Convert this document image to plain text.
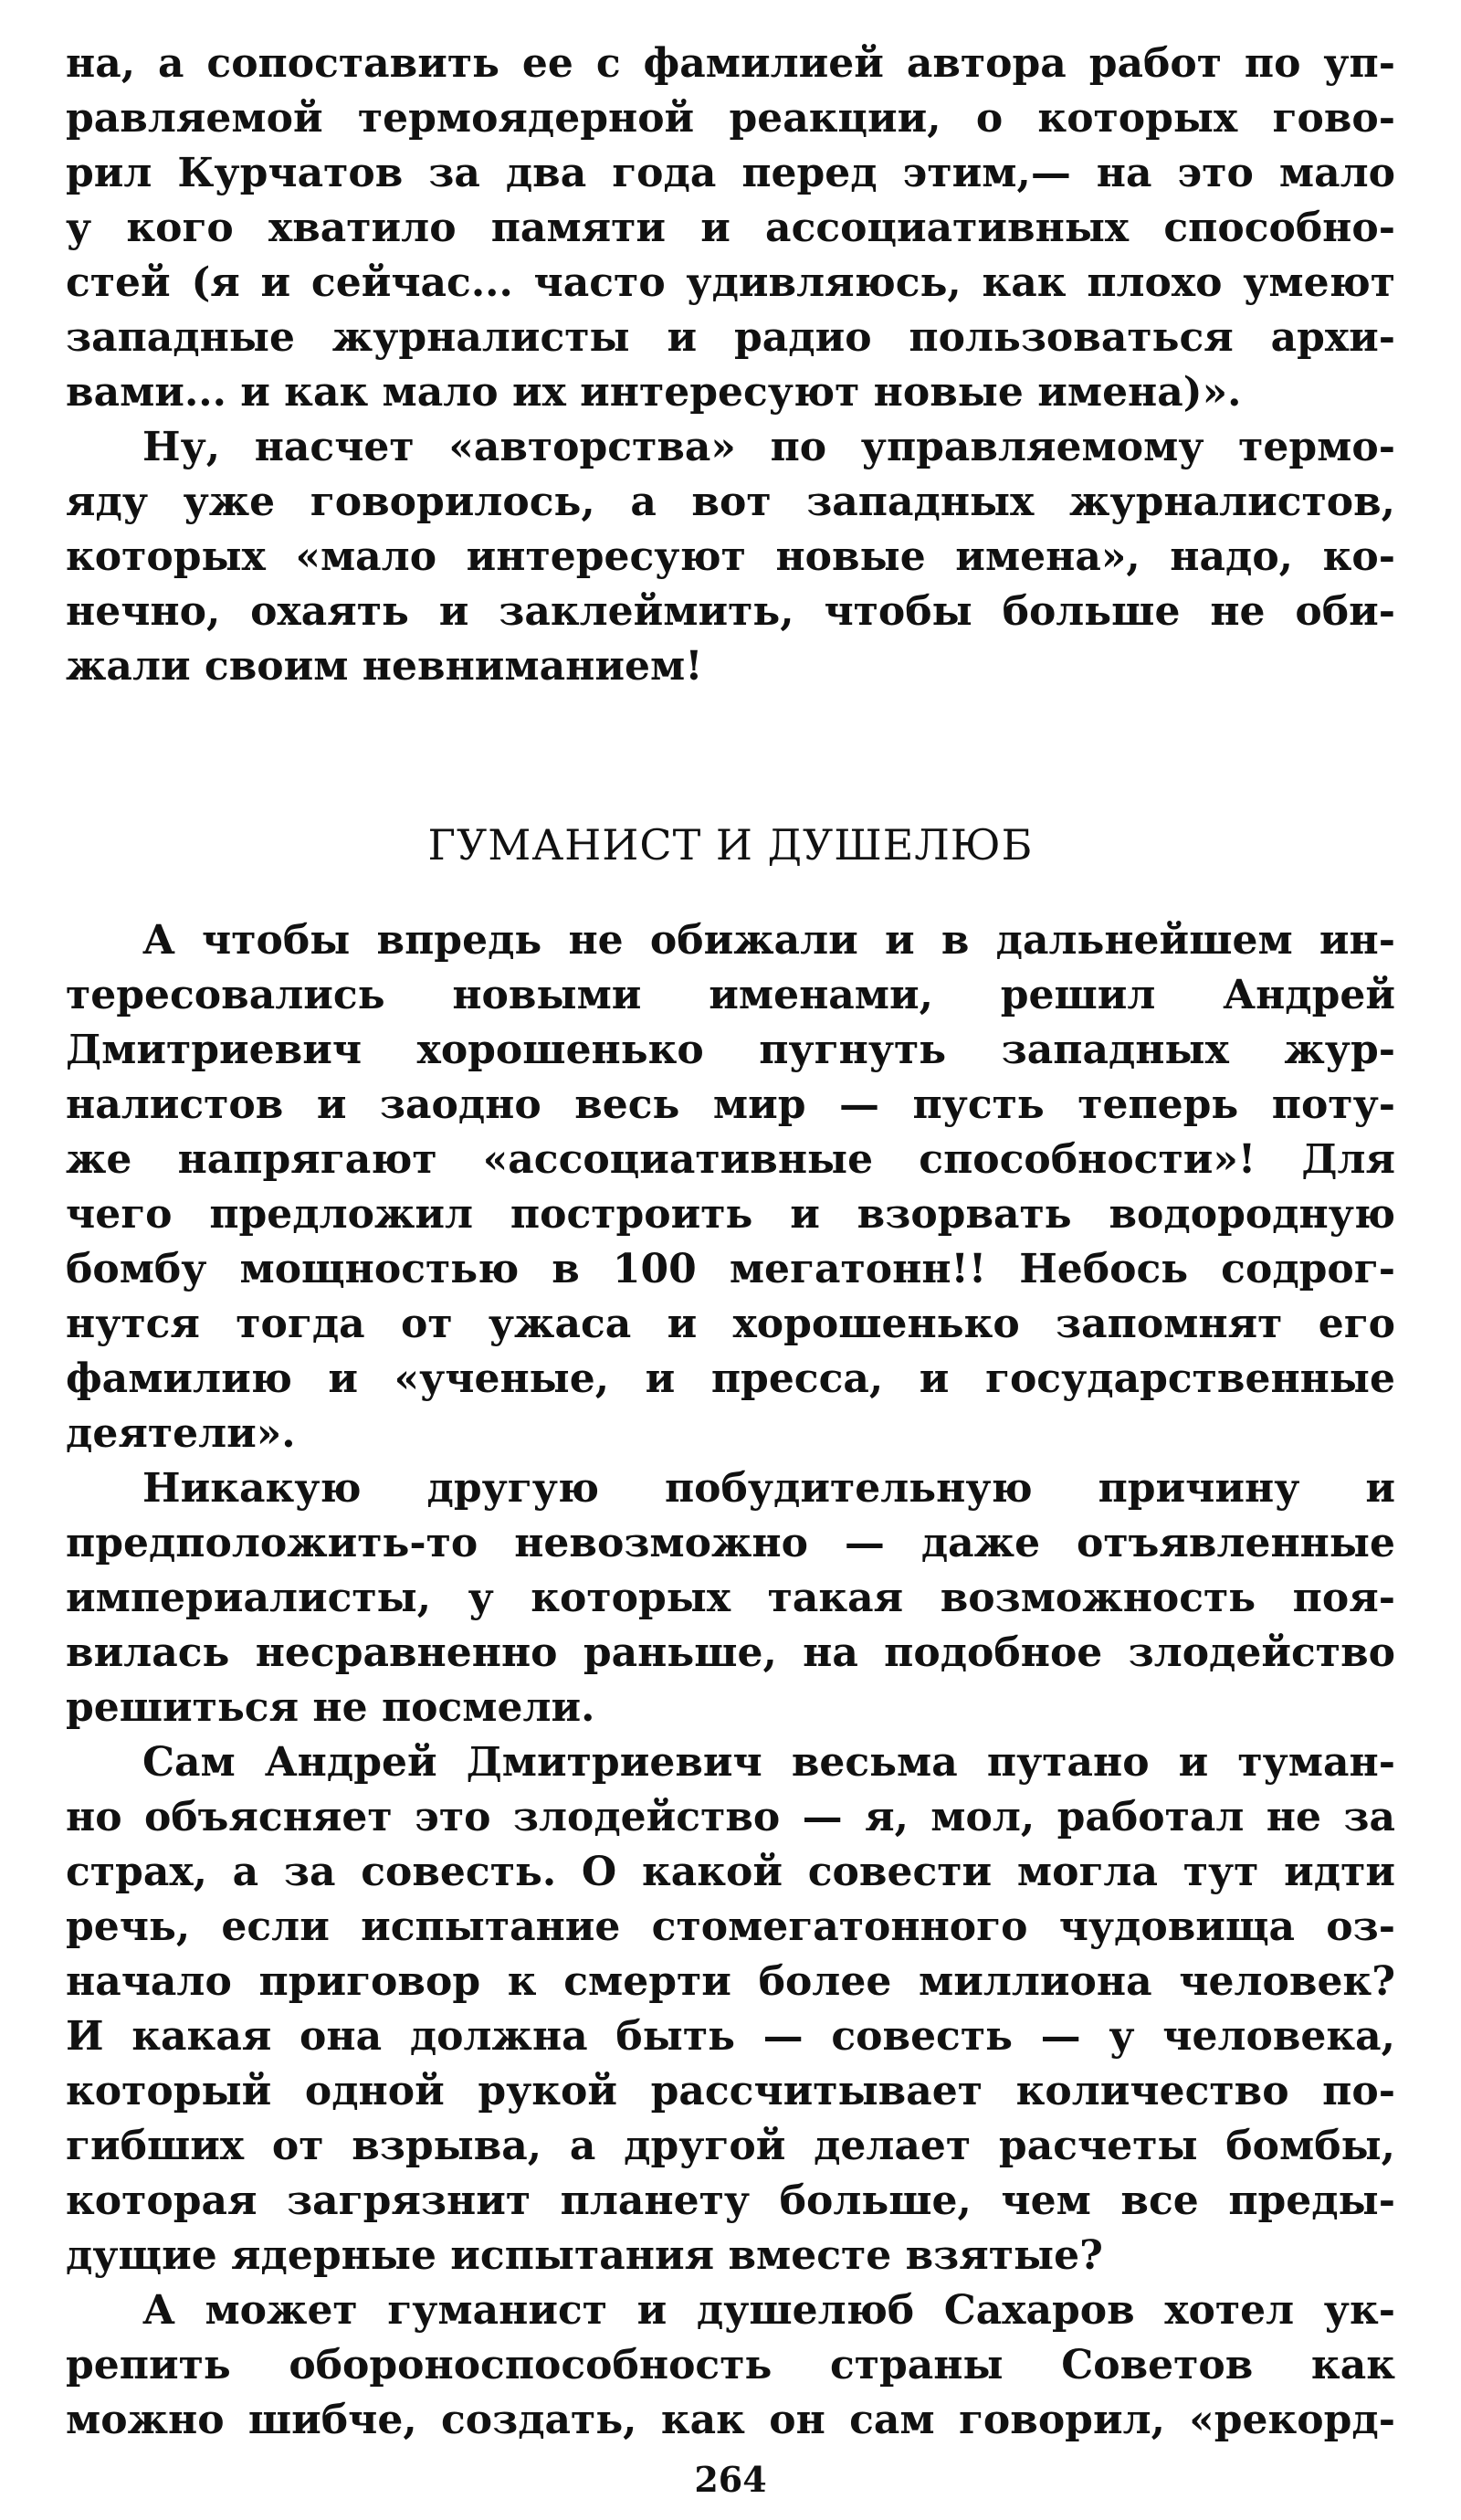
на, а сопоставить ее с фамилией автора работ по уп-
равляемой термоядерной реакции, о которых гово-
рил Курчатов за два года перед этим,— на это мало
у кого хватило памяти и ассоциативных способно-
стей (я и сейчас... часто удивляюсь, как плохо умеют
западные журналисты и радио пользоваться архи-
вами... и как мало их интересуют новые имена)».
Ну, насчет «авторства» по управляемому термо-
яду уже говорилось, а вот западных журналистов,
которых «мало интересуют новые имена», надо, ко-
нечно, охаять и заклеймить, чтобы больше не оби-
жали своим невниманием!
ГУМАНИСТ И ДУШЕЛЮБ
А чтобы впредь не обижали и в дальнейшем ин-
тересовались новыми именами, решил Андрей
Дмитриевич хорошенько пугнуть западных жур-
налистов и заодно весь мир — пусть теперь поту-
же напрягают «ассоциативные способности»! Для
чего предложил построить и взорвать водородную
бомбу мощностью в 100 мегатонн!! Небось содрог-
нутся тогда от ужаса и хорошенько запомнят его
фамилию и «ученые, и пресса, и государственные
деятели».
Никакую другую побудительную причину и
предположить-то невозможно — даже отъявленные
империалисты, у которых такая возможность поя-
вилась несравненно раньше, на подобное злодейство
решиться не посмели.
Сам Андрей Дмитриевич весьма путано и туман-
но объясняет это злодейство — я, мол, работал не за
страх, а за совесть. О какой совести могла тут идти
речь, если испытание стомегатонного чудовища оз-
начало приговор к смерти более миллиона человек?
И какая она должна быть — совесть — у человека,
который одной рукой рассчитывает количество по-
гибших от взрыва, а другой делает расчеты бомбы,
которая загрязнит планету больше, чем все преды-
дущие ядерные испытания вместе взятые?
А может гуманист и душелюб Сахаров хотел ук-
репить обороноспособность страны Советов как
можно шибче, создать, как он сам говорил, «рекорд-
264
